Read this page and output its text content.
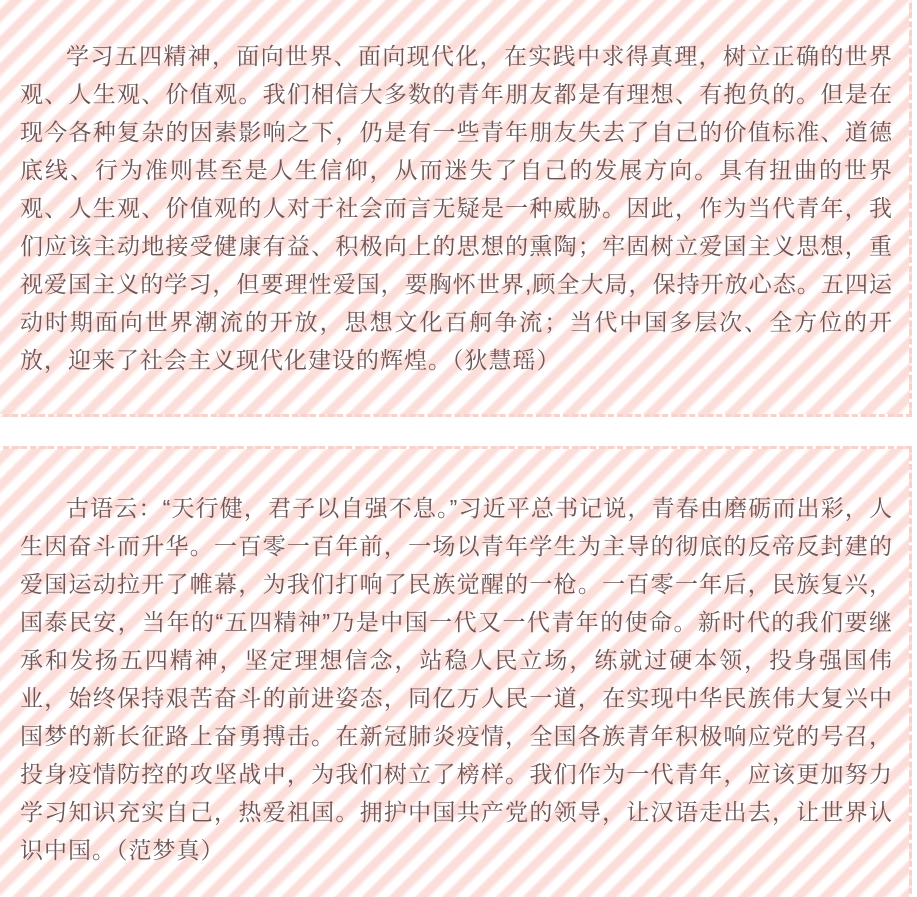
学习五四精神，面向世界、面向现代化，在实践中求得真理，树立正确的世界观、人生观、价值观。我们相信大多数的青年朋友都是有理想、有抱负的。但是在现今各种复杂的因素影响之下，仍是有一些青年朋友失去了自己的价值标准、道德底线、行为准则甚至是人生信仰，从而迷失了自己的发展方向。具有扭曲的世界观、人生观、价值观的人对于社会而言无疑是一种威胁。因此，作为当代青年，我们应该主动地接受健康有益、积极向上的思想的熏陶；牢固树立爱国主义思想，重视爱国主义的学习，但要理性爱国，要胸怀世界,顾全大局，保持开放心态。五四运动时期面向世界潮流的开放，思想文化百舸争流；当代中国多层次、全方位的开放，迎来了社会主义现代化建设的辉煌。（狄慧瑶）

古语云：“天行健，君子以自强不息。”习近平总书记说，青春由磨砺而出彩，人生因奋斗而升华。一百零一百年前，一场以青年学生为主导的彻底的反帝反封建的爱国运动拉开了帷幕，为我们打响了民族觉醒的一枪。一百零一年后，民族复兴，国泰民安，当年的“五四精神”乃是中国一代又一代青年的使命。新时代的我们要继承和发扬五四精神，坚定理想信念，站稳人民立场，练就过硬本领，投身强国伟业，始终保持艰苦奋斗的前进姿态，同亿万人民一道，在实现中华民族伟大复兴中国梦的新长征路上奋勇搏击。在新冠肺炎疫情，全国各族青年积极响应党的号召，投身疫情防控的攻坚战中，为我们树立了榜样。我们作为一代青年，应该更加努力学习知识充实自己，热爱祖国。拥护中国共产党的领导，让汉语走出去，让世界认识中国。（范梦真）
